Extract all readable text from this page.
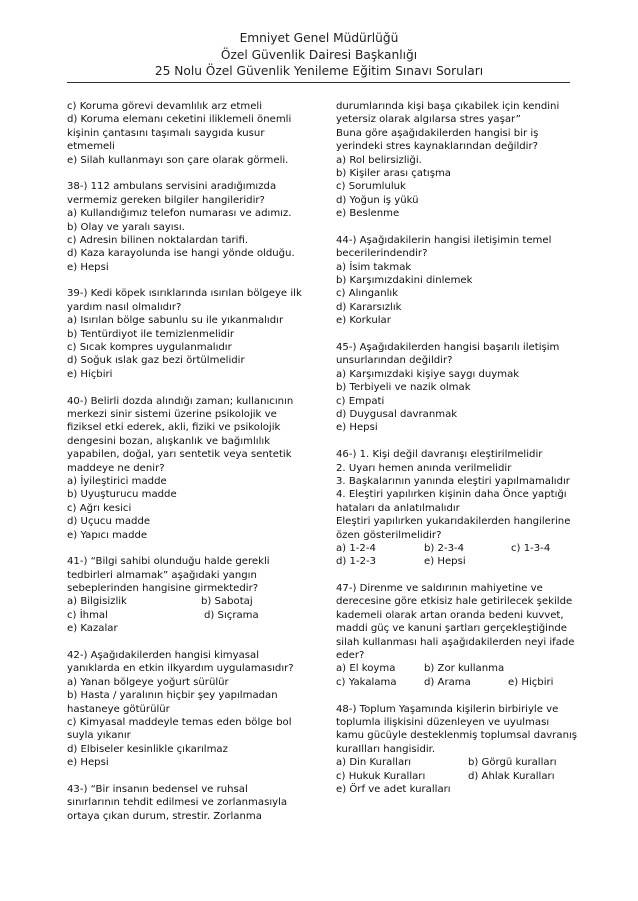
Emniyet Genel Müdürlüğü
Özel Güvenlik Dairesi Başkanlığı
25 Nolu Özel Güvenlik Yenileme Eğitim Sınavı Soruları
c) Koruma görevi devamlılık arz etmeli
d) Koruma elemanı ceketini iliklemeli önemli
kişinin çantasını taşımalı saygıda kusur
etmemeli
e) Silah kullanmayı son çare olarak görmeli.
38-) 112 ambulans servisini aradığımızda
vermemiz gereken bilgiler hangileridir?
a) Kullandığımız telefon numarası ve adımız.
b) Olay ve yaralı sayısı.
c) Adresin bilinen noktalardan tarifi.
d) Kaza karayolunda ise hangi yönde olduğu.
e) Hepsi
39-) Kedi köpek ısırıklarında ısırılan bölgeye ilk
yardım nasıl olmalıdır?
a) Isırılan bölge sabunlu su ile yıkanmalıdır
b) Tentürdiyot ile temizlenmelidir
c) Sıcak kompres uygulanmalıdır
d) Soğuk ıslak gaz bezi örtülmelidir
e) Hiçbiri
40-) Belirli dozda alındığı zaman; kullanıcının
merkezi sinir sistemi üzerine psikolojik ve
fiziksel etki ederek, akli, fiziki ve psikolojik
dengesini bozan, alışkanlık ve bağımlılık
yapabilen, doğal, yarı sentetik veya sentetik
maddeye ne denir?
a) İyileştirici madde
b) Uyuşturucu madde
c) Ağrı kesici
d) Uçucu madde
e) Yapıcı madde
41-) “Bilgi sahibi olunduğu halde gerekli
tedbirleri almamak” aşağıdaki yangın
sebeplerinden hangisine girmektedir?
a) Bilgisizlik	b) Sabotaj
c) İhmal	d) Sıçrama
e) Kazalar
42-) Aşağıdakilerden hangisi kimyasal
yanıklarda en etkin ilkyardım uygulamasıdır?
a) Yanan bölgeye yoğurt sürülür
b) Hasta / yaralının hiçbir şey yapılmadan
hastaneye götürülür
c) Kimyasal maddeyle temas eden bölge bol
suyla yıkanır
d) Elbiseler kesinlikle çıkarılmaz
e) Hepsi
43-) “Bir insanın bedensel ve ruhsal
sınırlarının tehdit edilmesi ve zorlanmasıyla
ortaya çıkan durum, strestir. Zorlanma
durumlarında kişi başa çıkabilek için kendini
yetersiz olarak algılarsa stres yaşar”
Buna göre aşağıdakilerden hangisi bir iş
yerindeki stres kaynaklarından değildir?
a) Rol belirsizliği.
b) Kişiler arası çatışma
c) Sorumluluk
d) Yoğun iş yükü
e) Beslenme
44-) Aşağıdakilerin hangisi iletişimin temel
becerilerindendir?
a) İsim takmak
b) Karşımızdakini dinlemek
c) Alınganlık
d) Kararsızlık
e) Korkular
45-) Aşağıdakilerden hangisi başarılı iletişim
unsurlarından değildir?
a) Karşımızdaki kişiye saygı duymak
b) Terbiyeli ve nazik olmak
c) Empati
d) Duygusal davranmak
e) Hepsi
46-) 1. Kişi değil davranışı eleştirilmelidir
2. Uyarı hemen anında verilmelidir
3. Başkalarının yanında eleştiri yapılmamalıdır
4. Eleştiri yapılırken kişinin daha Önce yaptığı
hataları da anlatılmalıdır
Eleştiri yapılırken yukarıdakilerden hangilerine
özen gösterilmelidir?
a) 1-2-4	b) 2-3-4	c) 1-3-4
d) 1-2-3	e) Hepsi
47-) Direnme ve saldırının mahiyetine ve
derecesine göre etkisiz hale getirilecek şekilde
kademeli olarak artan oranda bedeni kuvvet,
maddi güç ve kanuni şartları gerçekleştiğinde
silah kullanması hali aşağıdakilerden neyi ifade
eder?
a) El koyma	b) Zor kullanma
c) Yakalama	d) Arama	e) Hiçbiri
48-) Toplum Yaşamında kişilerin birbiriyle ve
toplumla ilişkisini düzenleyen ve uyulması
kamu gücüyle desteklenmiş toplumsal davranış
kuraIlları hangisidir.
a) Din Kuralları	b) Görgü kuralları
c) Hukuk Kuralları	d) Ahlak Kuralları
e) Örf ve adet kuralları
